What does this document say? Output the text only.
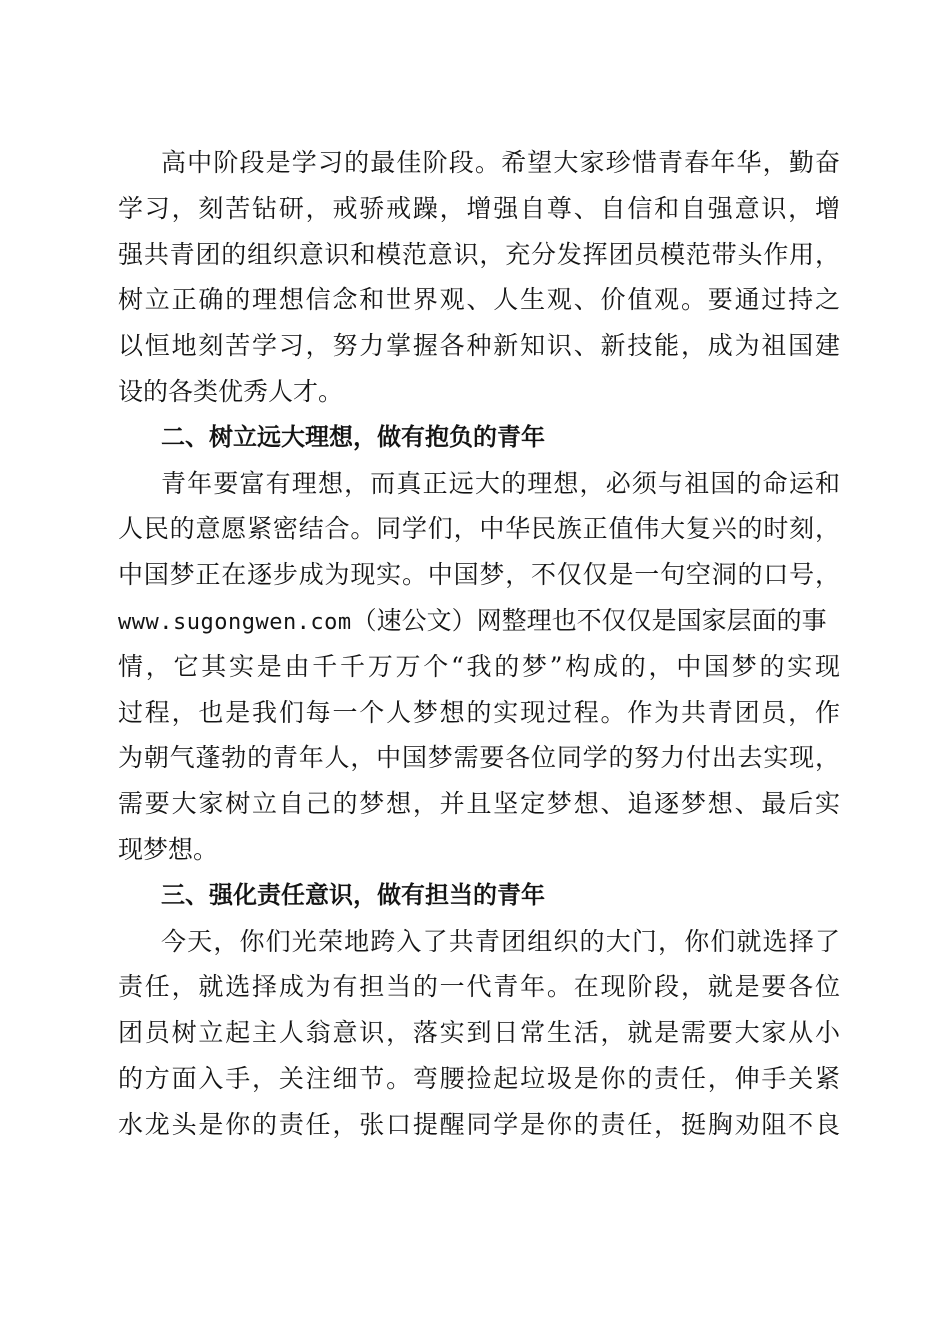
高中阶段是学习的最佳阶段。希望大家珍惜青春年华，勤奋
学习，刻苦钻研，戒骄戒躁，增强自尊、自信和自强意识，增
强共青团的组织意识和模范意识，充分发挥团员模范带头作用，
树立正确的理想信念和世界观、人生观、价值观。要通过持之
以恒地刻苦学习，努力掌握各种新知识、新技能，成为祖国建
设的各类优秀人才。
二、树立远大理想，做有抱负的青年
青年要富有理想，而真正远大的理想，必须与祖国的命运和
人民的意愿紧密结合。同学们，中华民族正值伟大复兴的时刻，
中国梦正在逐步成为现实。中国梦，不仅仅是一句空洞的口号，
www.sugongwen.com（速公文）网整理也不仅仅是国家层面的事
情，它其实是由千千万万个“我的梦”构成的，中国梦的实现
过程，也是我们每一个人梦想的实现过程。作为共青团员，作
为朝气蓬勃的青年人，中国梦需要各位同学的努力付出去实现，
需要大家树立自己的梦想，并且坚定梦想、追逐梦想、最后实
现梦想。
三、强化责任意识，做有担当的青年
今天，你们光荣地跨入了共青团组织的大门，你们就选择了
责任，就选择成为有担当的一代青年。在现阶段，就是要各位
团员树立起主人翁意识，落实到日常生活，就是需要大家从小
的方面入手，关注细节。弯腰捡起垃圾是你的责任，伸手关紧
水龙头是你的责任，张口提醒同学是你的责任，挺胸劝阻不良
